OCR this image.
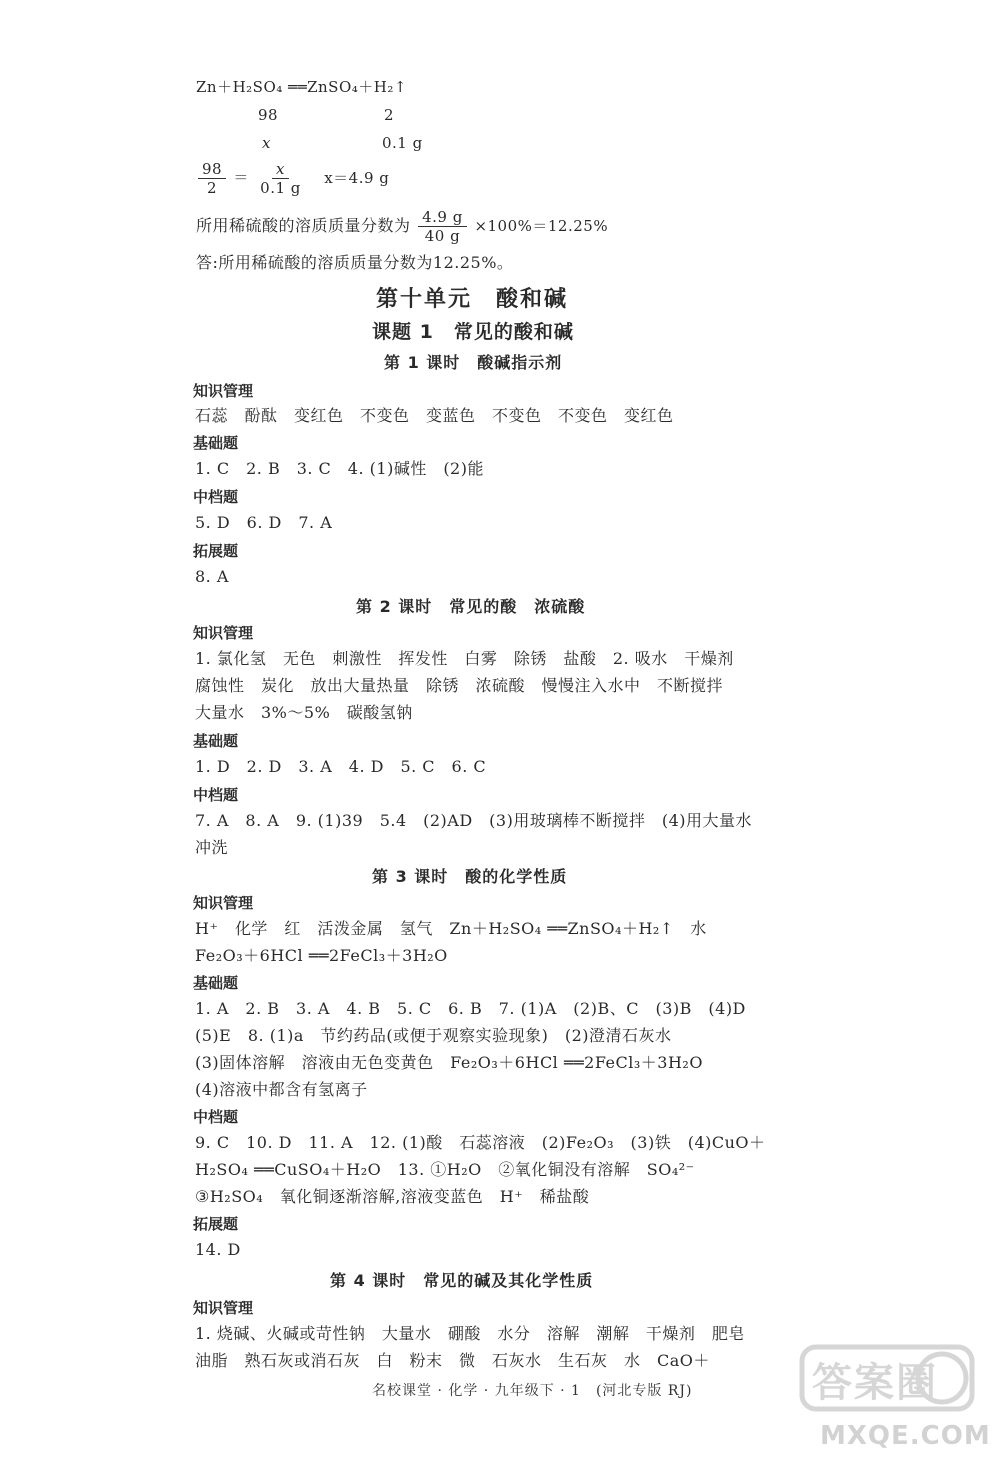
Zn＋H₂SO₄ ══ZnSO₄＋H₂↑
98	2
x	0.1 g
$\frac{98}{2} = \frac{x}{0.1 g} x=4.9$ g
所用稀硫酸的溶质质量分数为 $\frac{4.9 g}{40 g} \times 100\%=12.25\%$
答:所用稀硫酸的溶质质量分数为12.25%。
第十单元　酸和碱
课题 1　常见的酸和碱
第 1 课时　酸碱指示剂
知识管理
石蕊　酚酞　变红色　不变色　变蓝色　不变色　不变色　变红色
基础题
1. C　2. B　3. C　4. (1)碱性　(2)能
中档题
5. D　6. D　7. A
拓展题
8. A
第 2 课时　常见的酸　浓硫酸
知识管理
1. 氯化氢　无色　刺激性　挥发性　白雾　除锈　盐酸　2. 吸水　干燥剂
腐蚀性　炭化　放出大量热量　除锈　浓硫酸　慢慢注入水中　不断搅拌
大量水　3%～5%　碳酸氢钠
基础题
1. D　2. D　3. A　4. D　5. C　6. C
中档题
7. A　8. A　9. (1)39　5.4　(2)AD　(3)用玻璃棒不断搅拌　(4)用大量水
冲洗
第 3 课时　酸的化学性质
知识管理
H⁺　化学　红　活泼金属　氢气　Zn＋H₂SO₄ ══ZnSO₄＋H₂↑　水
Fe₂O₃＋6HCl ══2FeCl₃＋3H₂O
基础题
1. A　2. B　3. A　4. B　5. C　6. B　7. (1)A　(2)B、C　(3)B　(4)D
(5)E　8. (1)a　节约药品(或便于观察实验现象)　(2)澄清石灰水
(3)固体溶解　溶液由无色变黄色　Fe₂O₃＋6HCl ══2FeCl₃＋3H₂O
(4)溶液中都含有氢离子
中档题
9. C　10. D　11. A　12. (1)酸　石蕊溶液　(2)Fe₂O₃　(3)铁　(4)CuO＋
H₂SO₄ ══CuSO₄＋H₂O　13. ①H₂O　②氧化铜没有溶解　SO₄²⁻
③H₂SO₄　氧化铜逐渐溶解,溶液变蓝色　H⁺　稀盐酸
拓展题
14. D
第 4 课时　常见的碱及其化学性质
知识管理
1. 烧碱、火碱或苛性钠　大量水　硼酸　水分　溶解　潮解　干燥剂　肥皂
油脂　熟石灰或消石灰　白　粉末　微　石灰水　生石灰　水　CaO＋
名校课堂 · 化学 · 九年级下 · 1　(河北专版 RJ)	答案圈
MXQE.COM
